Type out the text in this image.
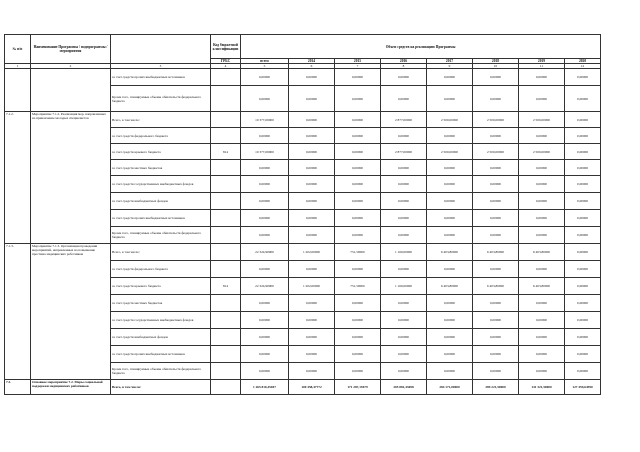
№ п/п	Наименование Программы / подпрограммы / мероприятия		Код бюджетной классификации	Объем средств на реализацию Программы							
			ГРБС	всего	2014	2015	2016	2017	2018	2019	2020
1	2	3	4	5	6	7	8	9	10	11	12
		за счет средств прочих внебюджетных источников		0,00000	0,00000	0,00000	0,00000	0,00000	0,00000	0,00000	0,00000
		Кроме того, планируемые объемы обязательств федерального бюджета		0,00000	0,00000	0,00000	0,00000	0,00000	0,00000	0,00000	0,00000
7.1.2.	Мероприятие 7.1.2. Реализация мер, направленных на привлечение молодых специалистов	Всего, в том числе:		10 377,00000	0,00000	0,00000	2 877,00000	2 500,00000	2 500,00000	2 500,00000	0,00000
		за счет средств федерального бюджета		0,00000	0,00000	0,00000	0,00000	0,00000	0,00000	0,00000	0,00000
		за счет средств краевого бюджета	814	10 377,00000	0,00000	0,00000	2 877,00000	2 500,00000	2 500,00000	2 500,00000	0,00000
		за счет средств местных бюджетов		0,00000	0,00000	0,00000	0,00000	0,00000	0,00000	0,00000	0,00000
		за счет средств государственных внебюджетных фондов		0,00000	0,00000	0,00000	0,00000	0,00000	0,00000	0,00000	0,00000
		за счет средств внебюджетных фондов		0,00000	0,00000	0,00000	0,00000	0,00000	0,00000	0,00000	0,00000
		за счет средств прочих внебюджетных источников		0,00000	0,00000	0,00000	0,00000	0,00000	0,00000	0,00000	0,00000
		Кроме того, планируемые объемы обязательств федерального бюджета		0,00000	0,00000	0,00000	0,00000	0,00000	0,00000	0,00000	0,00000
7.1.3.	Мероприятие 7.1.3. Организация проведения мероприятий, направленных на повышение престижа медицинских работников	Всего, в том числе:		22 324,90000	1 202,00000	751,50000	1 160,00000	6 403,80000	6 403,80000	6 403,80000	0,00000
		за счет средств федерального бюджета		0,00000	0,00000	0,00000	0,00000	0,00000	0,00000	0,00000	0,00000
		за счет средств краевого бюджета	814	22 324,90000	1 202,00000	751,50000	1 160,00000	6 403,80000	6 403,80000	6 403,80000	0,00000
		за счет средств местных бюджетов		0,00000	0,00000	0,00000	0,00000	0,00000	0,00000	0,00000	0,00000
		за счет средств государственных внебюджетных фондов		0,00000	0,00000	0,00000	0,00000	0,00000	0,00000	0,00000	0,00000
		за счет средств внебюджетных фондов		0,00000	0,00000	0,00000	0,00000	0,00000	0,00000	0,00000	0,00000
		за счет средств прочих внебюджетных источников		0,00000	0,00000	0,00000	0,00000	0,00000	0,00000	0,00000	0,00000
		Кроме того, планируемые объемы обязательств федерального бюджета		0,00000	0,00000	0,00000	0,00000	0,00000	0,00000	0,00000	0,00000
7.2.	Основное мероприятие 7.2. Меры социальной поддержки медицинских работников	Всего, в том числе:		1 265 810,45047	100 458,47772	171 287,19479	205 881,43698	284 171,00000	289 221,50000	141 321,50000	127 459,64590
